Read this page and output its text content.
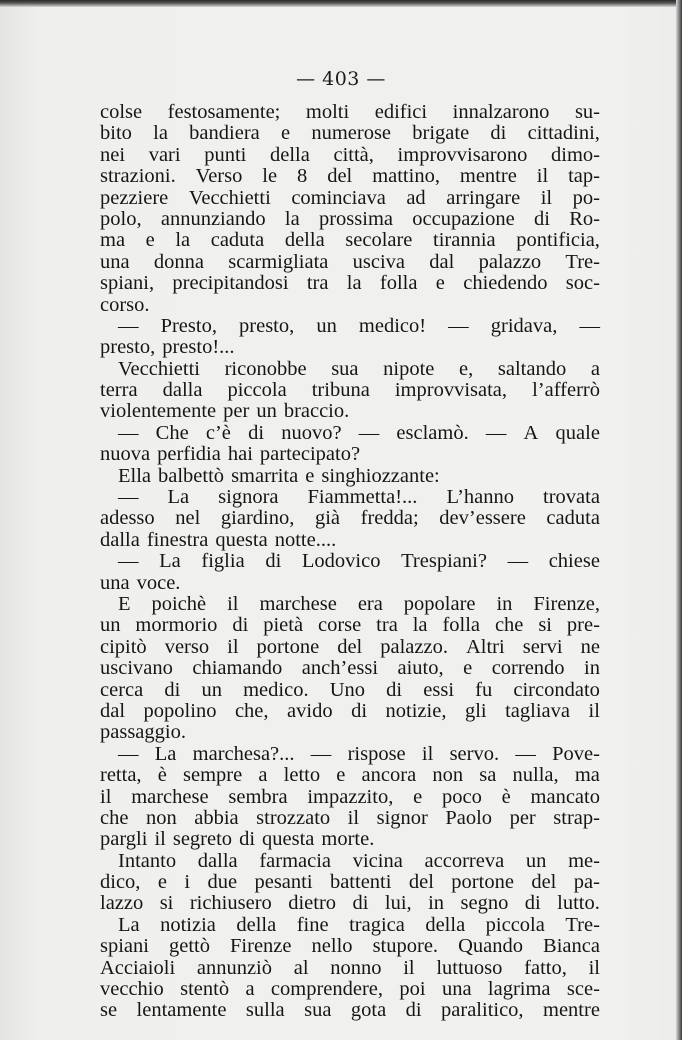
— 403 —
colse festosamente; molti edifici innalzarono su-
bito la bandiera e numerose brigate di cittadini,
nei vari punti della città, improvvisarono dimo-
strazioni. Verso le 8 del mattino, mentre il tap-
pezziere Vecchietti cominciava ad arringare il po-
polo, annunziando la prossima occupazione di Ro-
ma e la caduta della secolare tirannia pontificia,
una donna scarmigliata usciva dal palazzo Tre-
spiani, precipitandosi tra la folla e chiedendo soc-
corso.
— Presto, presto, un medico! — gridava, —
presto, presto!...
Vecchietti riconobbe sua nipote e, saltando a
terra dalla piccola tribuna improvvisata, l’afferrò
violentemente per un braccio.
— Che c’è di nuovo? — esclamò. — A quale
nuova perfidia hai partecipato?
Ella balbettò smarrita e singhiozzante:
— La signora Fiammetta!... L’hanno trovata
adesso nel giardino, già fredda; dev’essere caduta
dalla finestra questa notte....
— La figlia di Lodovico Trespiani? — chiese
una voce.
E poichè il marchese era popolare in Firenze,
un mormorio di pietà corse tra la folla che si pre-
cipitò verso il portone del palazzo. Altri servi ne
uscivano chiamando anch’essi aiuto, e correndo in
cerca di un medico. Uno di essi fu circondato
dal popolino che, avido di notizie, gli tagliava il
passaggio.
— La marchesa?... — rispose il servo. — Pove-
retta, è sempre a letto e ancora non sa nulla, ma
il marchese sembra impazzito, e poco è mancato
che non abbia strozzato il signor Paolo per strap-
pargli il segreto di questa morte.
Intanto dalla farmacia vicina accorreva un me-
dico, e i due pesanti battenti del portone del pa-
lazzo si richiusero dietro di lui, in segno di lutto.
La notizia della fine tragica della piccola Tre-
spiani gettò Firenze nello stupore. Quando Bianca
Acciaioli annunziò al nonno il luttuoso fatto, il
vecchio stentò a comprendere, poi una lagrima sce-
se lentamente sulla sua gota di paralitico, mentre
